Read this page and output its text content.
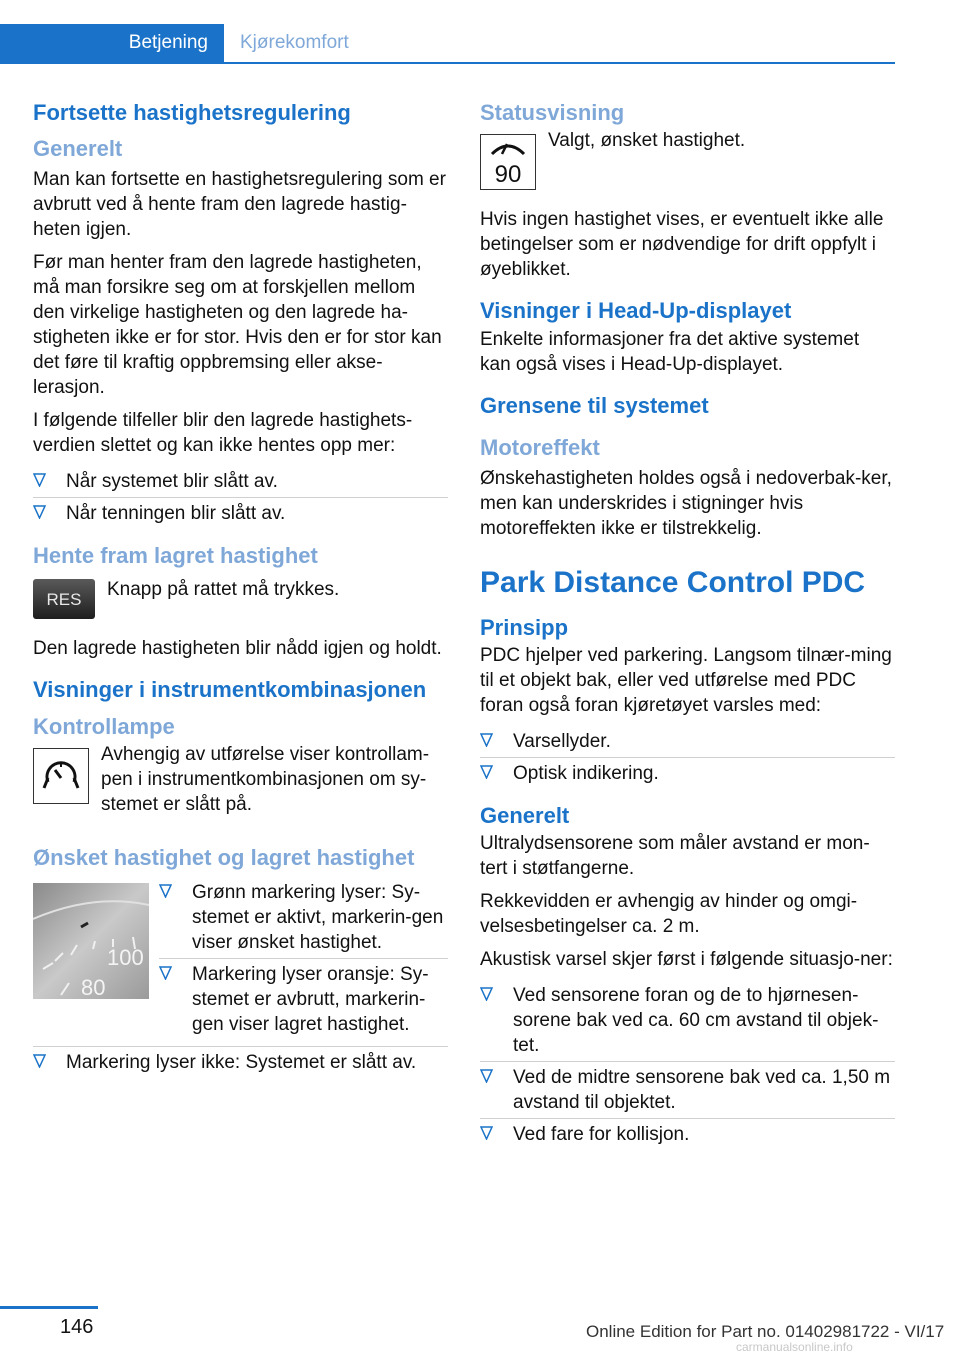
Betjening Kjørekomfort
Fortsette hastighetsregulering
Generelt

Man kan fortsette en hastighetsregulering som er avbrutt ved å hente fram den lagrede hastig‐heten igjen.

Før man henter fram den lagrede hastigheten, må man forsikre seg om at forskjellen mellom den virkelige hastigheten og den lagrede ha‐stigheten ikke er for stor. Hvis den er for stor kan det føre til kraftig oppbremsing eller akse‐lerasjon.

I følgende tilfeller blir den lagrede hastighets‐verdien slettet og kan ikke hentes opp mer:

Når systemet blir slått av.
Når tenningen blir slått av.
Hente fram lagret hastighet
RES Knapp på rattet må trykkes.

Den lagrede hastigheten blir nådd igjen og holdt.

Visninger i instrumentkombinasjonen
Kontrollampe
Avhengig av utførelse viser kontrollam‐pen i instrumentkombinasjonen om sy‐stemet er slått på.
Ønsket hastighet og lagret hastighet
100
80
Grønn markering lyser: Sy‐stemet er aktivt, markerin‐gen viser ønsket hastighet.
Markering lyser oransje: Sy‐stemet er avbrutt, markerin‐gen viser lagret hastighet.
Markering lyser ikke: Systemet er slått av.
Statusvisning
90
Valgt, ønsket hastighet.

Hvis ingen hastighet vises, er eventuelt ikke alle betingelser som er nødvendige for drift oppfylt i øyeblikket.

Visninger i Head-Up-displayet

Enkelte informasjoner fra det aktive systemet kan også vises i Head-Up-displayet.

Grensene til systemet
Motoreffekt

Ønskehastigheten holdes også i nedoverbak‐ker, men kan underskrides i stigninger hvis motoreffekten ikke er tilstrekkelig.

Park Distance Control PDC
Prinsipp

PDC hjelper ved parkering. Langsom tilnær‐ming til et objekt bak, eller ved utførelse med PDC foran også foran kjøretøyet varsles med:

Varsellyder.
Optisk indikering.
Generelt

Ultralydsensorene som måler avstand er mon‐tert i støtfangerne.

Rekkevidden er avhengig av hinder og omgi‐velsesbetingelser ca. 2 m.

Akustisk varsel skjer først i følgende situasjo‐ner:

Ved sensorene foran og de to hjørnesen‐sorene bak ved ca. 60 cm avstand til objek‐tet.
Ved de midtre sensorene bak ved ca. 1,50 m avstand til objektet.
Ved fare for kollisjon.
146	Online Edition for Part no. 01402981722 - VI/17
carmanualsonline.info
